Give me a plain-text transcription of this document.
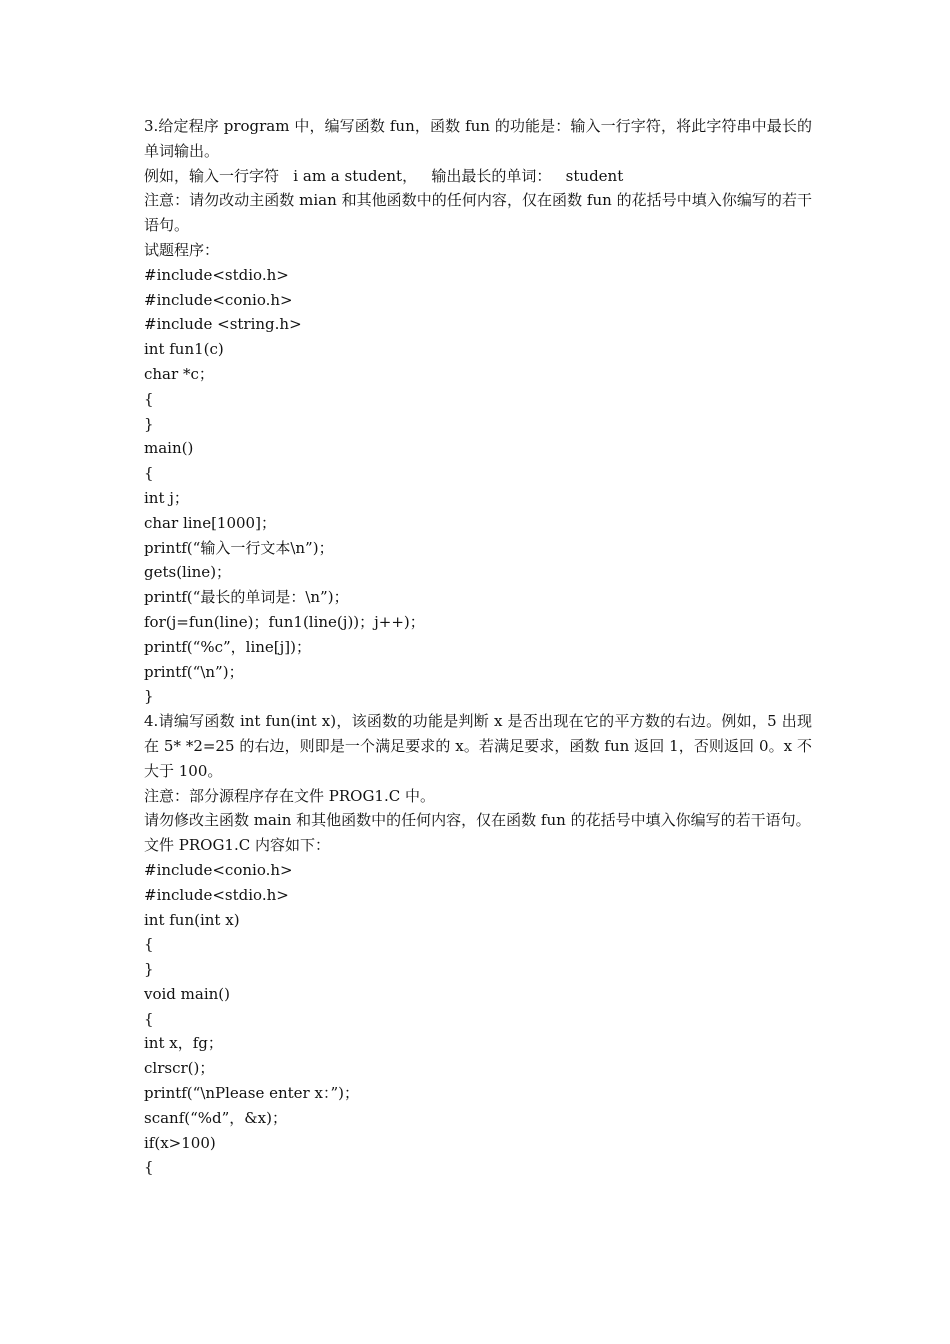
3.给定程序 program 中，编写函数 fun，函数 fun 的功能是：输入一行字符，将此字符串中最长的单词输出。
例如，输入一行字符   i am a student，   输出最长的单词：   student
注意：请勿改动主函数 mian 和其他函数中的任何内容，仅在函数 fun 的花括号中填入你编写的若干语句。
试题程序：
#include<stdio.h>
#include<conio.h>
#include <string.h>
int fun1(c)
char *c；
{
}
main()
{
int j；
char line[1000]；
printf(“输入一行文本\n”)；
gets(line)；
printf(“最长的单词是：\n”)；
for(j=fun(line)；fun1(line(j))；j++)；
printf(“%c”，line[j])；
printf(“\n”)；
}
4.请编写函数 int fun(int x)，该函数的功能是判断 x 是否出现在它的平方数的右边。例如，5 出现在 5* *2=25 的右边，则即是一个满足要求的 x。若满足要求，函数 fun 返回 1，否则返回 0。x 不大于 100。
注意：部分源程序存在文件 PROG1.C 中。
请勿修改主函数 main 和其他函数中的任何内容，仅在函数 fun 的花括号中填入你编写的若干语句。
文件 PROG1.C 内容如下：
#include<conio.h>
#include<stdio.h>
int fun(int x)
{
}
void main()
{
int x，fg；
clrscr()；
printf(“\nPlease enter x：”)；
scanf(“%d”，&x)；
if(x>100)
{
